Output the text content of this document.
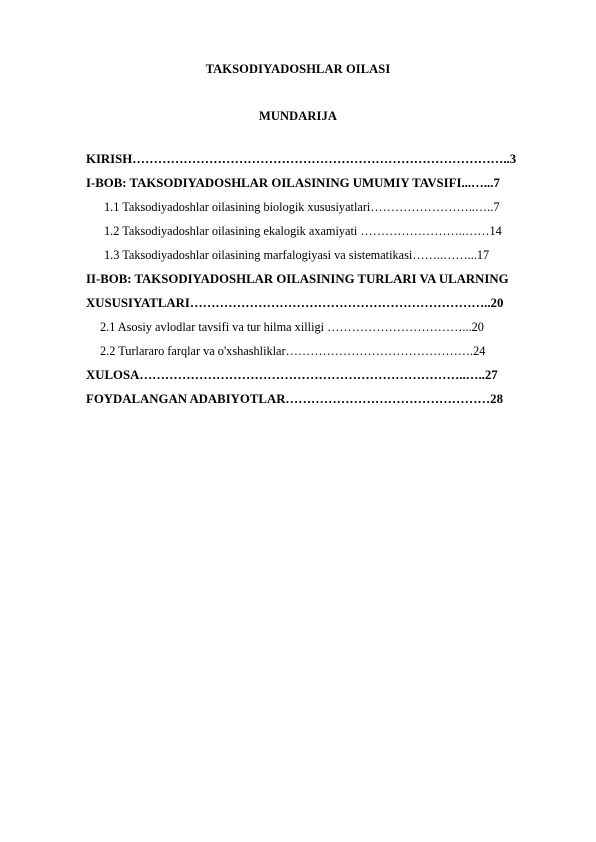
TAKSODIYADOSHLAR OILASI
MUNDARIJA
KIRISH……………………………………………………………………………..3
I-BOB: TAKSODIYADOSHLAR OILASINING UMUMIY TAVSIFI...…...7
1.1 Taksodiyadoshlar oilasining biologik xususiyatlari……………………..…..7
1.2 Taksodiyadoshlar oilasining ekalogik axamiyati ……………………..……14
1.3 Taksodiyadoshlar oilasining marfalogiyasi va sistematikasi……..……...17
II-BOB: TAKSODIYADOSHLAR OILASINING TURLARI VA ULARNING
XUSUSIYATLARI……………………………………………………………..20
2.1 Asosiy avlodlar tavsifi va tur hilma xilligi ……………………………...20
2.2 Turlararo farqlar va o'xshashliklar……………………………………….24
XULOSA…………………………………………………………………..…..27
FOYDALANGAN ADABIYOTLAR…………………………………………28
